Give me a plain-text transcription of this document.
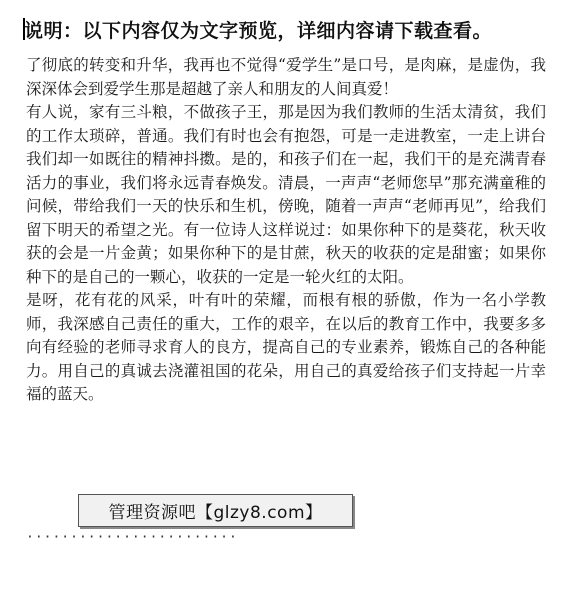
说明：以下内容仅为文字预览，详细内容请下载查看。

了彻底的转变和升华，我再也不觉得“爱学生”是口号，是肉麻，是虚伪，我深深体会到爱学生那是超越了亲人和朋友的人间真爱！

有人说，家有三斗粮，不做孩子王，那是因为我们教师的生活太清贫，我们的工作太琐碎，普通。我们有时也会有抱怨，可是一走进教室，一走上讲台我们却一如既往的精神抖擞。是的，和孩子们在一起，我们干的是充满青春活力的事业，我们将永远青春焕发。清晨，一声声“老师您早”那充满童稚的问候，带给我们一天的快乐和生机，傍晚，随着一声声“老师再见”，给我们留下明天的希望之光。有一位诗人这样说过：如果你种下的是葵花，秋天收获的会是一片金黄；如果你种下的是甘蔗，秋天的收获的定是甜蜜；如果你种下的是自己的一颗心，收获的一定是一轮火红的太阳。

是呀，花有花的风采，叶有叶的荣耀，而根有根的骄傲，作为一名小学教师，我深感自己责任的重大，工作的艰辛，在以后的教育工作中，我要多多向有经验的老师寻求育人的良方，提高自己的专业素养，锻炼自己的各种能力。用自己的真诚去浇灌祖国的花朵，用自己的真爱给孩子们支持起一片幸福的蓝天。

管理资源吧【glzy8.com】
························
